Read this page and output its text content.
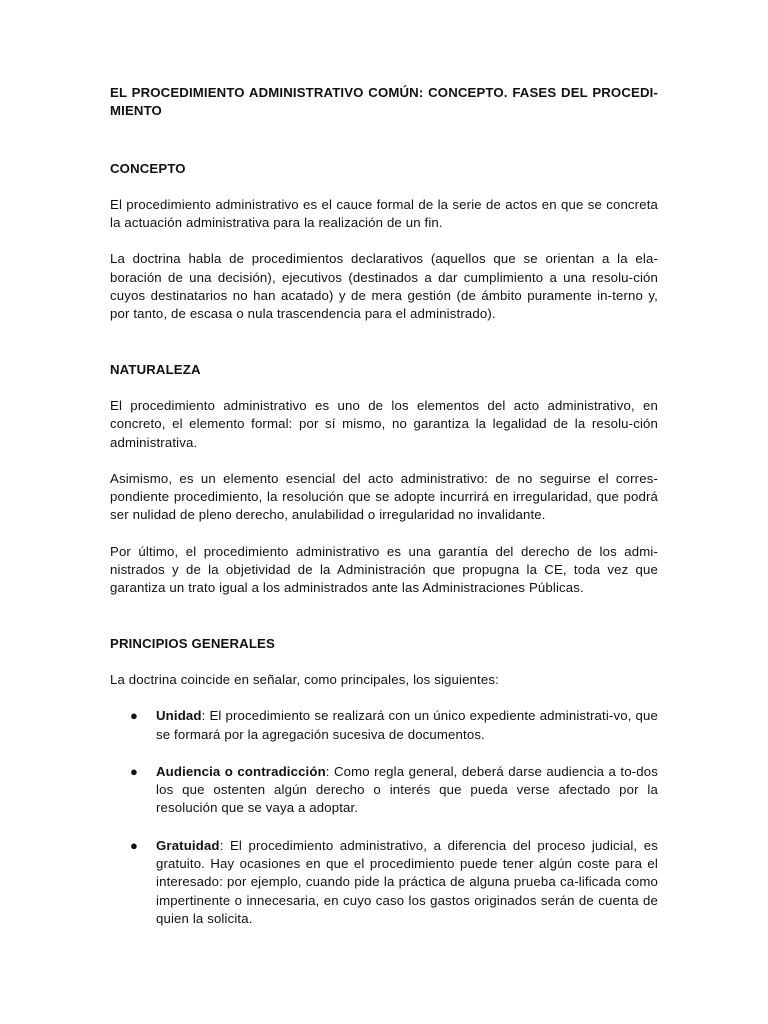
EL PROCEDIMIENTO ADMINISTRATIVO COMÚN: CONCEPTO. FASES DEL PROCEDI-MIENTO

CONCEPTO

El procedimiento administrativo es el cauce formal de la serie de actos en que se concreta la actuación administrativa para la realización de un fin.

La doctrina habla de procedimientos declarativos (aquellos que se orientan a la ela-boración de una decisión), ejecutivos (destinados a dar cumplimiento a una resolu-ción cuyos destinatarios no han acatado) y de mera gestión (de ámbito puramente in-terno y, por tanto, de escasa o nula trascendencia para el administrado).

NATURALEZA

El procedimiento administrativo es uno de los elementos del acto administrativo, en concreto, el elemento formal: por sí mismo, no garantiza la legalidad de la resolu-ción administrativa.

Asimismo, es un elemento esencial del acto administrativo: de no seguirse el corres-pondiente procedimiento, la resolución que se adopte incurrirá en irregularidad, que podrá ser nulidad de pleno derecho, anulabilidad o irregularidad no invalidante.

Por último, el procedimiento administrativo es una garantía del derecho de los admi-nistrados y de la objetividad de la Administración que propugna la CE, toda vez que garantiza un trato igual a los administrados ante las Administraciones Públicas.

PRINCIPIOS GENERALES

La doctrina coincide en señalar, como principales, los siguientes:

● Unidad: El procedimiento se realizará con un único expediente administrati-vo, que se formará por la agregación sucesiva de documentos.
● Audiencia o contradicción: Como regla general, deberá darse audiencia a to-dos los que ostenten algún derecho o interés que pueda verse afectado por la resolución que se vaya a adoptar.
● Gratuidad: El procedimiento administrativo, a diferencia del proceso judicial, es gratuito. Hay ocasiones en que el procedimiento puede tener algún coste para el interesado: por ejemplo, cuando pide la práctica de alguna prueba ca-lificada como impertinente o innecesaria, en cuyo caso los gastos originados serán de cuenta de quien la solicita.
